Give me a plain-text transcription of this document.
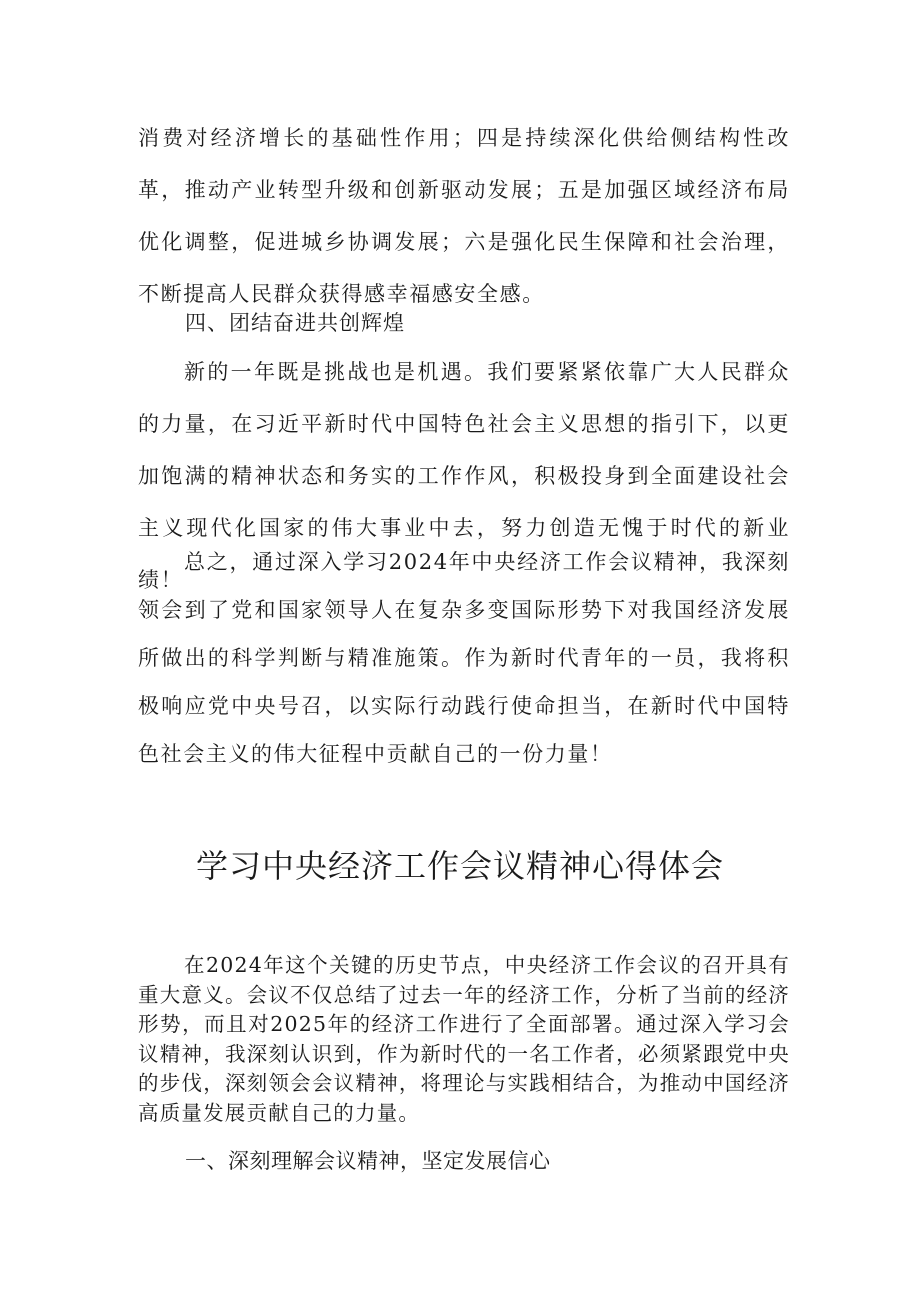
消费对经济增长的基础性作用；四是持续深化供给侧结构性改革，推动产业转型升级和创新驱动发展；五是加强区域经济布局优化调整，促进城乡协调发展；六是强化民生保障和社会治理，不断提高人民群众获得感幸福感安全感。

四、团结奋进共创辉煌

新的一年既是挑战也是机遇。我们要紧紧依靠广大人民群众的力量，在习近平新时代中国特色社会主义思想的指引下，以更加饱满的精神状态和务实的工作作风，积极投身到全面建设社会主义现代化国家的伟大事业中去，努力创造无愧于时代的新业绩！

总之，通过深入学习2024年中央经济工作会议精神，我深刻领会到了党和国家领导人在复杂多变国际形势下对我国经济发展所做出的科学判断与精准施策。作为新时代青年的一员，我将积极响应党中央号召，以实际行动践行使命担当，在新时代中国特色社会主义的伟大征程中贡献自己的一份力量！

学习中央经济工作会议精神心得体会

在2024年这个关键的历史节点，中央经济工作会议的召开具有重大意义。会议不仅总结了过去一年的经济工作，分析了当前的经济形势，而且对2025年的经济工作进行了全面部署。通过深入学习会议精神，我深刻认识到，作为新时代的一名工作者，必须紧跟党中央的步伐，深刻领会会议精神，将理论与实践相结合，为推动中国经济高质量发展贡献自己的力量。

一、深刻理解会议精神，坚定发展信心
